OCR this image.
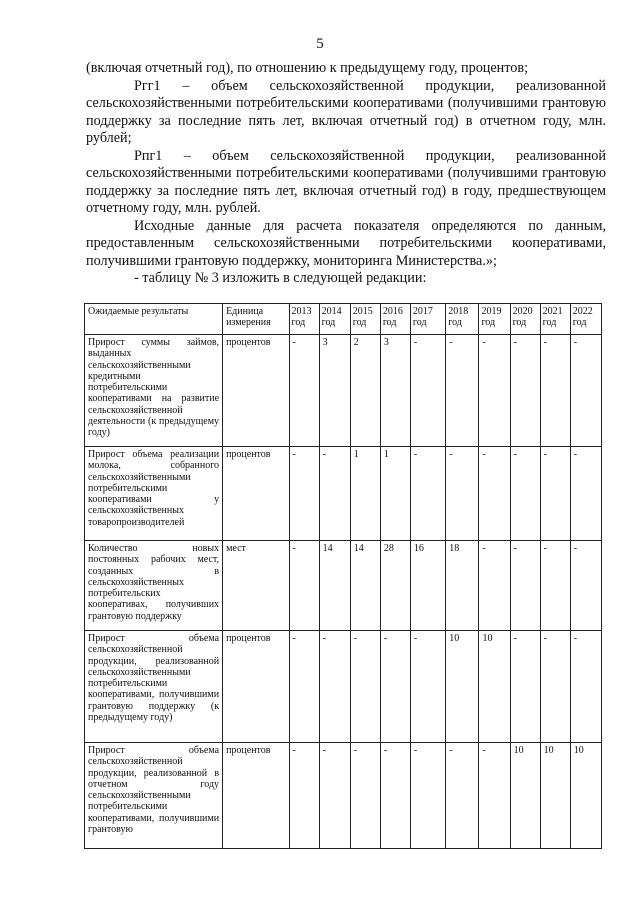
5

(включая отчетный год), по отношению к предыдущему году, процентов;

Ргг1 – объем сельскохозяйственной продукции, реализованной сельскохозяйственными потребительскими кооперативами (получившими грантовую поддержку за последние пять лет, включая отчетный год) в отчетном году, млн. рублей;

Рпг1 – объем сельскохозяйственной продукции, реализованной сельскохозяйственными потребительскими кооперативами (получившими грантовую поддержку за последние пять лет, включая отчетный год) в году, предшествующем отчетному году, млн. рублей.

Исходные данные для расчета показателя определяются по данным, предоставленным сельскохозяйственными потребительскими кооперативами, получившими грантовую поддержку, мониторинга Министерства.»;

- таблицу № 3 изложить в следующей редакции:

Ожидаемые результаты	Единица измерения	2013 год	2014 год	2015 год	2016 год	2017 год	2018 год	2019 год	2020 год	2021 год	2022 год
Прирост суммы займов, выданных сельскохозяйственными кредитными потребительскими кооперативами на развитие сельскохозяйственной деятельности (к предыдущему году)	процентов	-	3	2	3	-	-	-	-	-	-
Прирост объема реализации молока, собранного сельскохозяйственными потребительскими кооперативами у сельскохозяйственных товаропроизводителей	процентов	-	-	1	1	-	-	-	-	-	-
Количество новых постоянных рабочих мест, созданных в сельскохозяйственных потребительских кооперативах, получивших грантовую поддержку	мест	-	14	14	28	16	18	-	-	-	-
Прирост объема сельскохозяйственной продукции, реализованной сельскохозяйственными потребительскими кооперативами, получившими грантовую поддержку (к предыдущему году)	процентов	-	-	-	-	-	10	10	-	-	-
Прирост объема сельскохозяйственной продукции, реализованной в отчетном году сельскохозяйственными потребительскими кооперативами, получившими грантовую	процентов	-	-	-	-	-	-	-	10	10	10
